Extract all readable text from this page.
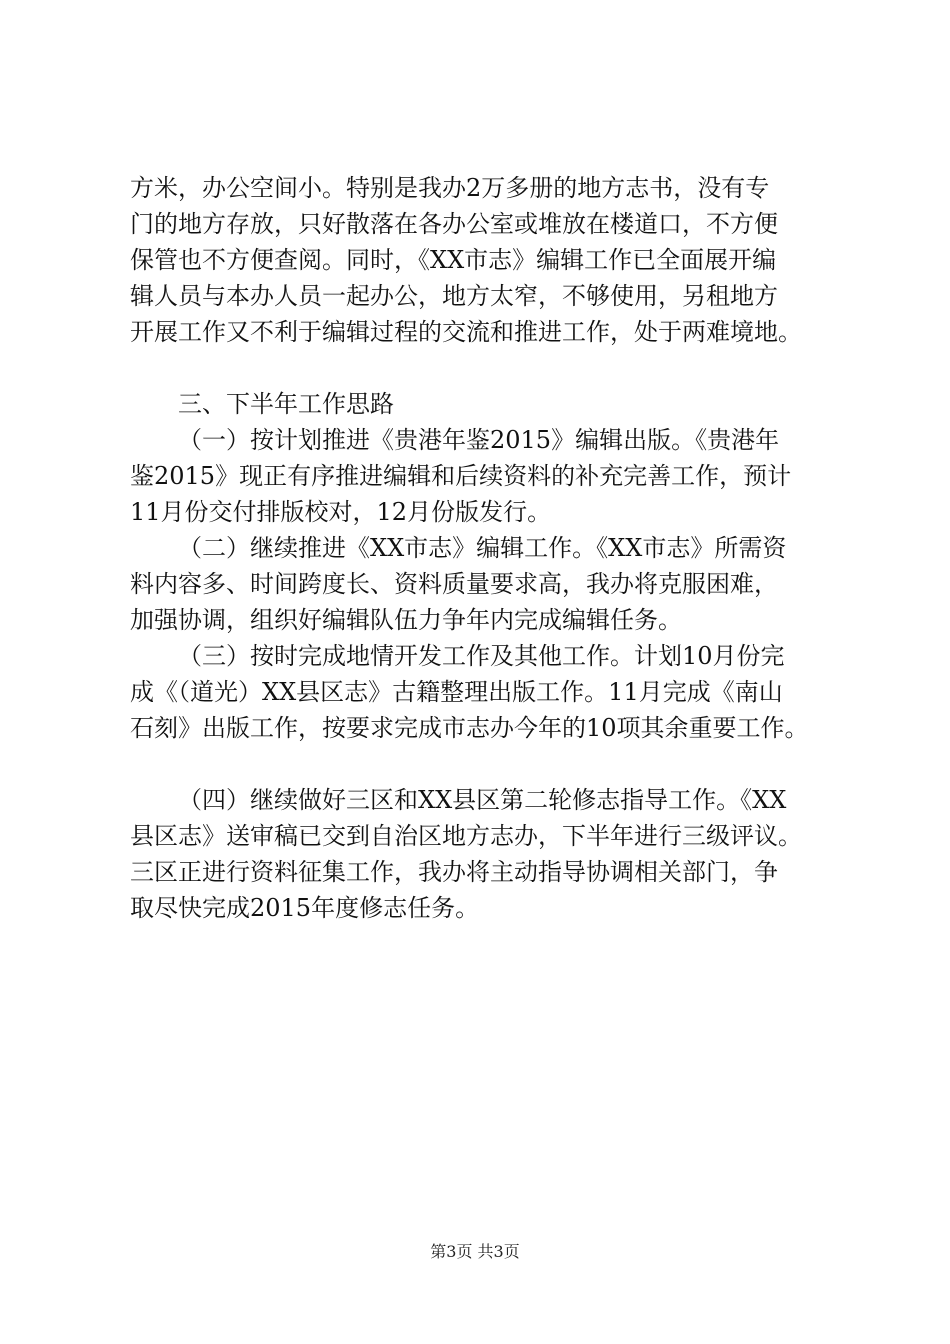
方米，办公空间小。特别是我办2万多册的地方志书，没有专
门的地方存放，只好散落在各办公室或堆放在楼道口，不方便
保管也不方便查阅。同时，《XX市志》编辑工作已全面展开编
辑人员与本办人员一起办公，地方太窄，不够使用，另租地方
开展工作又不利于编辑过程的交流和推进工作，处于两难境地。

三、下半年工作思路

（一）按计划推进《贵港年鉴2015》编辑出版。《贵港年
鉴2015》现正有序推进编辑和后续资料的补充完善工作，预计
11月份交付排版校对，12月份版发行。

（二）继续推进《XX市志》编辑工作。《XX市志》所需资
料内容多、时间跨度长、资料质量要求高，我办将克服困难，
加强协调，组织好编辑队伍力争年内完成编辑任务。

（三）按时完成地情开发工作及其他工作。计划10月份完
成《（道光）XX县区志》古籍整理出版工作。11月完成《南山
石刻》出版工作，按要求完成市志办今年的10项其余重要工作。

（四）继续做好三区和XX县区第二轮修志指导工作。《XX
县区志》送审稿已交到自治区地方志办，下半年进行三级评议。
三区正进行资料征集工作，我办将主动指导协调相关部门，争
取尽快完成2015年度修志任务。

第3页 共3页
